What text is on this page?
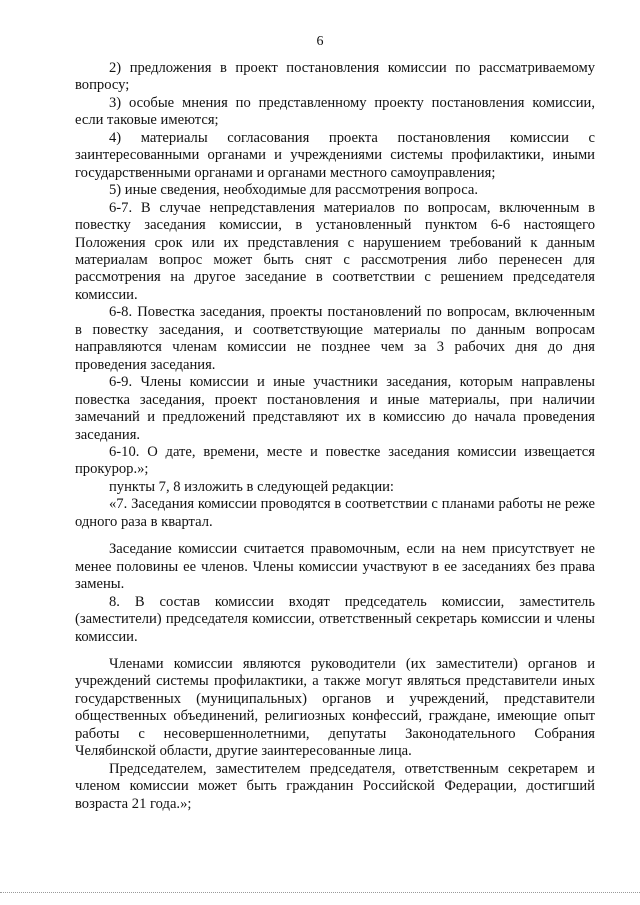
6

2) предложения в проект постановления комиссии по рассматриваемому вопросу;

3) особые мнения по представленному проекту постановления комиссии, если таковые имеются;

4) материалы согласования проекта постановления комиссии с заинтересованными органами и учреждениями системы профилактики, иными государственными органами и органами местного самоуправления;

5) иные сведения, необходимые для рассмотрения вопроса.

6-7. В случае непредставления материалов по вопросам, включенным в повестку заседания комиссии, в установленный пунктом 6-6 настоящего Положения срок или их представления с нарушением требований к данным материалам вопрос может быть снят с рассмотрения либо перенесен для рассмотрения на другое заседание в соответствии с решением председателя комиссии.

6-8. Повестка заседания, проекты постановлений по вопросам, включенным в повестку заседания, и соответствующие материалы по данным вопросам направляются членам комиссии не позднее чем за 3 рабочих дня до дня проведения заседания.

6-9. Члены комиссии и иные участники заседания, которым направлены повестка заседания, проект постановления и иные материалы, при наличии замечаний и предложений представляют их в комиссию до начала проведения заседания.

6-10. О дате, времени, месте и повестке заседания комиссии извещается прокурор.»;

пункты 7, 8 изложить в следующей редакции:

«7. Заседания комиссии проводятся в соответствии с планами работы не реже одного раза в квартал.

Заседание комиссии считается правомочным, если на нем присутствует не менее половины ее членов. Члены комиссии участвуют в ее заседаниях без права замены.

8. В состав комиссии входят председатель комиссии, заместитель (заместители) председателя комиссии, ответственный секретарь комиссии и члены комиссии.

Членами комиссии являются руководители (их заместители) органов и учреждений системы профилактики, а также могут являться представители иных государственных (муниципальных) органов и учреждений, представители общественных объединений, религиозных конфессий, граждане, имеющие опыт работы с несовершеннолетними, депутаты Законодательного Собрания Челябинской области, другие заинтересованные лица.

Председателем, заместителем председателя, ответственным секретарем и членом комиссии может быть гражданин Российской Федерации, достигший возраста 21 года.»;
